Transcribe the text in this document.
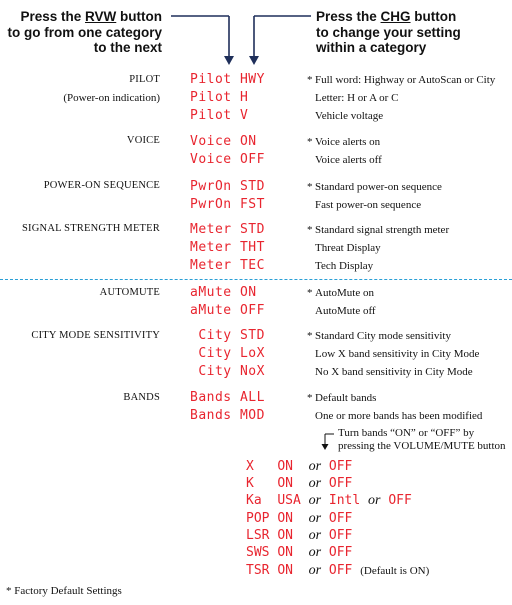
Press the RVW button
to go from one category
to the next
Press the CHG button
to change your setting
within a category
PILOT
(Power-on indication)
VOICE
POWER-ON SEQUENCE
SIGNAL STRENGTH METER
AUTOMUTE
CITY MODE SENSITIVITY
BANDS
Pilot HWY
Pilot H
Pilot V
Voice ON
Voice OFF
PwrOn STD
PwrOn FST
Meter STD
Meter THT
Meter TEC
aMute ON
aMute OFF
City STD
City LoX
City NoX
Bands ALL
Bands MOD
* Full word: Highway or AutoScan or City
Letter: H or A or C
Vehicle voltage
* Voice alerts on
Voice alerts off
* Standard power-on sequence
Fast power-on sequence
* Standard signal strength meter
Threat Display
Tech Display
* AutoMute on
AutoMute off
* Standard City mode sensitivity
Low X band sensitivity in City Mode
No X band sensitivity in City Mode
* Default bands
One or more bands has been modified
Turn bands “ON” or “OFF” by
pressing the VOLUME/MUTE button
X ON or OFF
K ON or OFF
Ka USA or Intl or OFF
POP ON or OFF
LSR ON or OFF
SWS ON or OFF
TSR ON or OFF (Default is ON)
* Factory Default Settings
